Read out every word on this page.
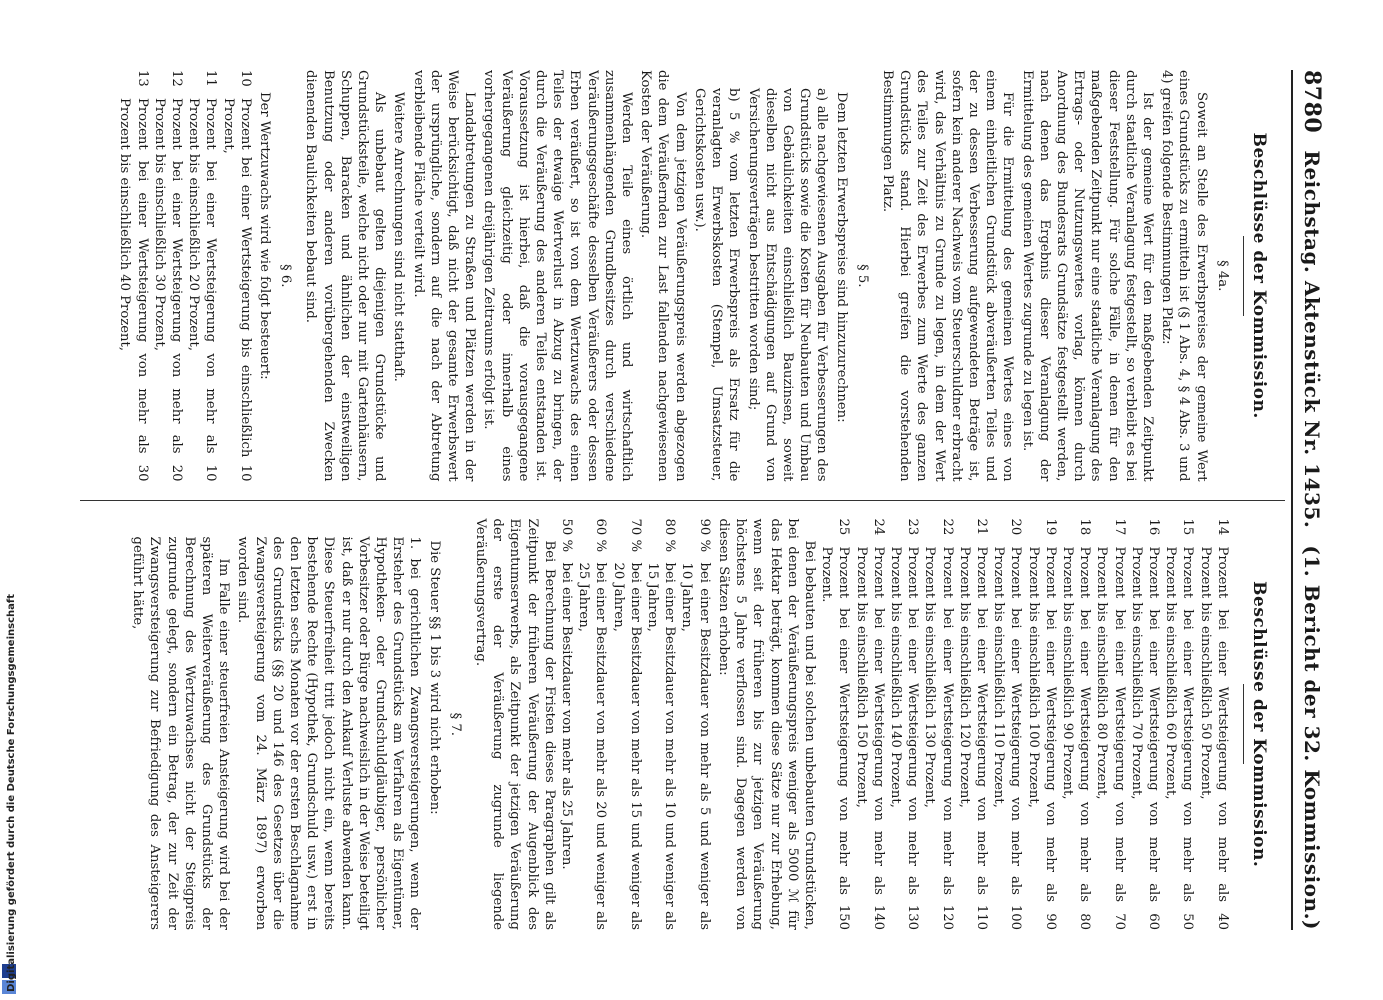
8780
Reichstag. Aktenstück Nr. 1435.
(1. Bericht der 32. Kommission.)
Beschlüsse der Kommission.
§ 4a.

Soweit an Stelle des Erwerbspreises der gemeine Wert eines Grundstücks zu ermitteln ist (§ 1 Abs. 4, § 4 Abs. 3 und 4) greifen folgende Bestimmungen Platz:

Ist der gemeine Wert für den maßgebenden Zeitpunkt durch staatliche Veranlagung festgestellt, so verbleibt es bei dieser Feststellung. Für solche Fälle, in denen für den maßgebenden Zeitpunkt nur eine staatliche Veranlagung des Ertrags- oder Nutzungswertes vorlag, können durch Anordnung des Bundesrats Grundsätze festgestellt werden, nach denen das Ergebnis dieser Veranlagung der Ermittelung des gemeinen Wertes zugrunde zu legen ist.

Für die Ermittelung des gemeinen Wertes eines von einem einheitlichen Grundstück abveräußerten Teiles und der zu dessen Verbesserung aufgewendeten Beträge ist, sofern kein anderer Nachweis vom Steuerschuldner erbracht wird, das Verhältnis zu Grunde zu legen, in dem der Wert des Teiles zur Zeit des Erwerbes zum Werte des ganzen Grundstücks stand. Hierbei greifen die vorstehenden Bestimmungen Platz.

§ 5.

Dem letzten Erwerbspreise sind hinzuzurechnen:

a) alle nachgewiesenen Ausgaben für Verbesserungen des Grundstücks sowie die Kosten für Neubauten und Umbau von Gebäulichkeiten einschließlich Bauzinsen, soweit dieselben nicht aus Entschädigungen auf Grund von Versicherungsverträgen bestritten worden sind;

b) 5 % vom letzten Erwerbspreis als Ersatz für die veranlagten Erwerbskosten (Stempel, Umsatzsteuer, Gerichtskosten usw.).

Von dem jetzigen Veräußerungspreis werden abgezogen die dem Veräußernden zur Last fallenden nachgewiesenen Kosten der Veräußerung.

Werden Teile eines örtlich und wirtschaftlich zusammenhängenden Grundbesitzes durch verschiedene Veräußerungsgeschäfte desselben Veräußerers oder dessen Erben veräußert, so ist von dem Wertzuwachs des einen Teiles der etwaige Wertverlust in Abzug zu bringen, der durch die Veräußerung des anderen Teiles entstanden ist. Voraussetzung ist hierbei, daß die vorausgegangene Veräußerung gleichzeitig oder innerhalb eines vorhergegangenen dreijährigen Zeitraums erfolgt ist.

Landabtretungen zu Straßen und Plätzen werden in der Weise berücksichtigt, daß nicht der gesamte Erwerbswert der ursprüngliche, sondern auf die nach der Abtretung verbleibende Fläche verteilt wird.

Weitere Anrechnungen sind nicht statthaft.

Als unbebaut gelten diejenigen Grundstücke und Grundstücksteile, welche nicht oder nur mit Gartenhäusern, Schuppen, Baracken und ähnlichen der einstweiligen Benutzung oder anderen vorübergehenden Zwecken dienenden Baulichkeiten bebaut sind.

§ 6.

Der Wertzuwachs wird wie folgt besteuert:

10
Prozent bei einer Wertsteigerung bis einschließlich 10 Prozent,
11
Prozent bei einer Wertsteigerung von mehr als 10 Prozent bis einschließlich 20 Prozent,
12
Prozent bei einer Wertsteigerung von mehr als 20 Prozent bis einschließlich 30 Prozent,
13
Prozent bei einer Wertsteigerung von mehr als 30 Prozent bis einschließlich 40 Prozent,
Beschlüsse der Kommission.
14
Prozent bei einer Wertsteigerung von mehr als 40 Prozent bis einschließlich 50 Prozent,
15
Prozent bei einer Wertsteigerung von mehr als 50 Prozent bis einschließlich 60 Prozent,
16
Prozent bei einer Wertsteigerung von mehr als 60 Prozent bis einschließlich 70 Prozent,
17
Prozent bei einer Wertsteigerung von mehr als 70 Prozent bis einschließlich 80 Prozent,
18
Prozent bei einer Wertsteigerung von mehr als 80 Prozent bis einschließlich 90 Prozent,
19
Prozent bei einer Wertsteigerung von mehr als 90 Prozent bis einschließlich 100 Prozent,
20
Prozent bei einer Wertsteigerung von mehr als 100 Prozent bis einschließlich 110 Prozent,
21
Prozent bei einer Wertsteigerung von mehr als 110 Prozent bis einschließlich 120 Prozent,
22
Prozent bei einer Wertsteigerung von mehr als 120 Prozent bis einschließlich 130 Prozent,
23
Prozent bei einer Wertsteigerung von mehr als 130 Prozent bis einschließlich 140 Prozent,
24
Prozent bei einer Wertsteigerung von mehr als 140 Prozent bis einschließlich 150 Prozent,
25
Prozent bei einer Wertsteigerung von mehr als 150 Prozent.

Bei bebauten und bei solchen unbebauten Grundstücken, bei denen der Veräußerungspreis weniger als 5000 ℳ für das Hektar beträgt, kommen diese Sätze nur zur Erhebung, wenn seit der früheren bis zur jetzigen Veräußerung höchstens 5 Jahre verflossen sind. Dagegen werden von diesen Sätzen erhoben:

90 %
bei einer Besitzdauer von mehr als 5 und weniger als 10 Jahren,
80 %
bei einer Besitzdauer von mehr als 10 und weniger als 15 Jahren,
70 %
bei einer Besitzdauer von mehr als 15 und weniger als 20 Jahren,
60 %
bei einer Besitzdauer von mehr als 20 und weniger als 25 Jahren,
50 %
bei einer Besitzdauer von mehr als 25 Jahren.

Bei Berechnung der Fristen dieses Paragraphen gilt als Zeitpunkt der früheren Veräußerung der Augenblick des Eigentumserwerbs, als Zeitpunkt der jetzigen Veräußerung der erste der Veräußerung zugrunde liegende Veräußerungsvertrag.

§ 7.

Die Steuer §§ 1 bis 3 wird nicht erhoben:

1. bei gerichtlichen Zwangsversteigerungen, wenn der Ersteher des Grundstücks am Verfahren als Eigentümer, Hypotheken- oder Grundschuldgläubiger, persönlicher Vorbesitzer oder Bürge nachweislich in der Weise beteiligt ist, daß er nur durch den Ankauf Verluste abwenden kann. Diese Steuerfreiheit tritt jedoch nicht ein, wenn bereits bestehende Rechte (Hypothek, Grundschuld usw.) erst in den letzten sechs Monaten vor der ersten Beschlagnahme des Grundstücks (§§ 20 und 146 des Gesetzes über die Zwangsversteigerung vom 24. März 1897) erworben worden sind.

Im Falle einer steuerfreien Ansteigerung wird bei der späteren Weiterveräußerung des Grundstücks der Berechnung des Wertzuwachses nicht der Steigpreis zugrunde gelegt, sondern ein Betrag, der zur Zeit der Zwangsversteigerung zur Befriedigung des Ansteigerers geführt hätte,

Digitalisierung gefördert durch die Deutsche Forschungsgemeinschaft
